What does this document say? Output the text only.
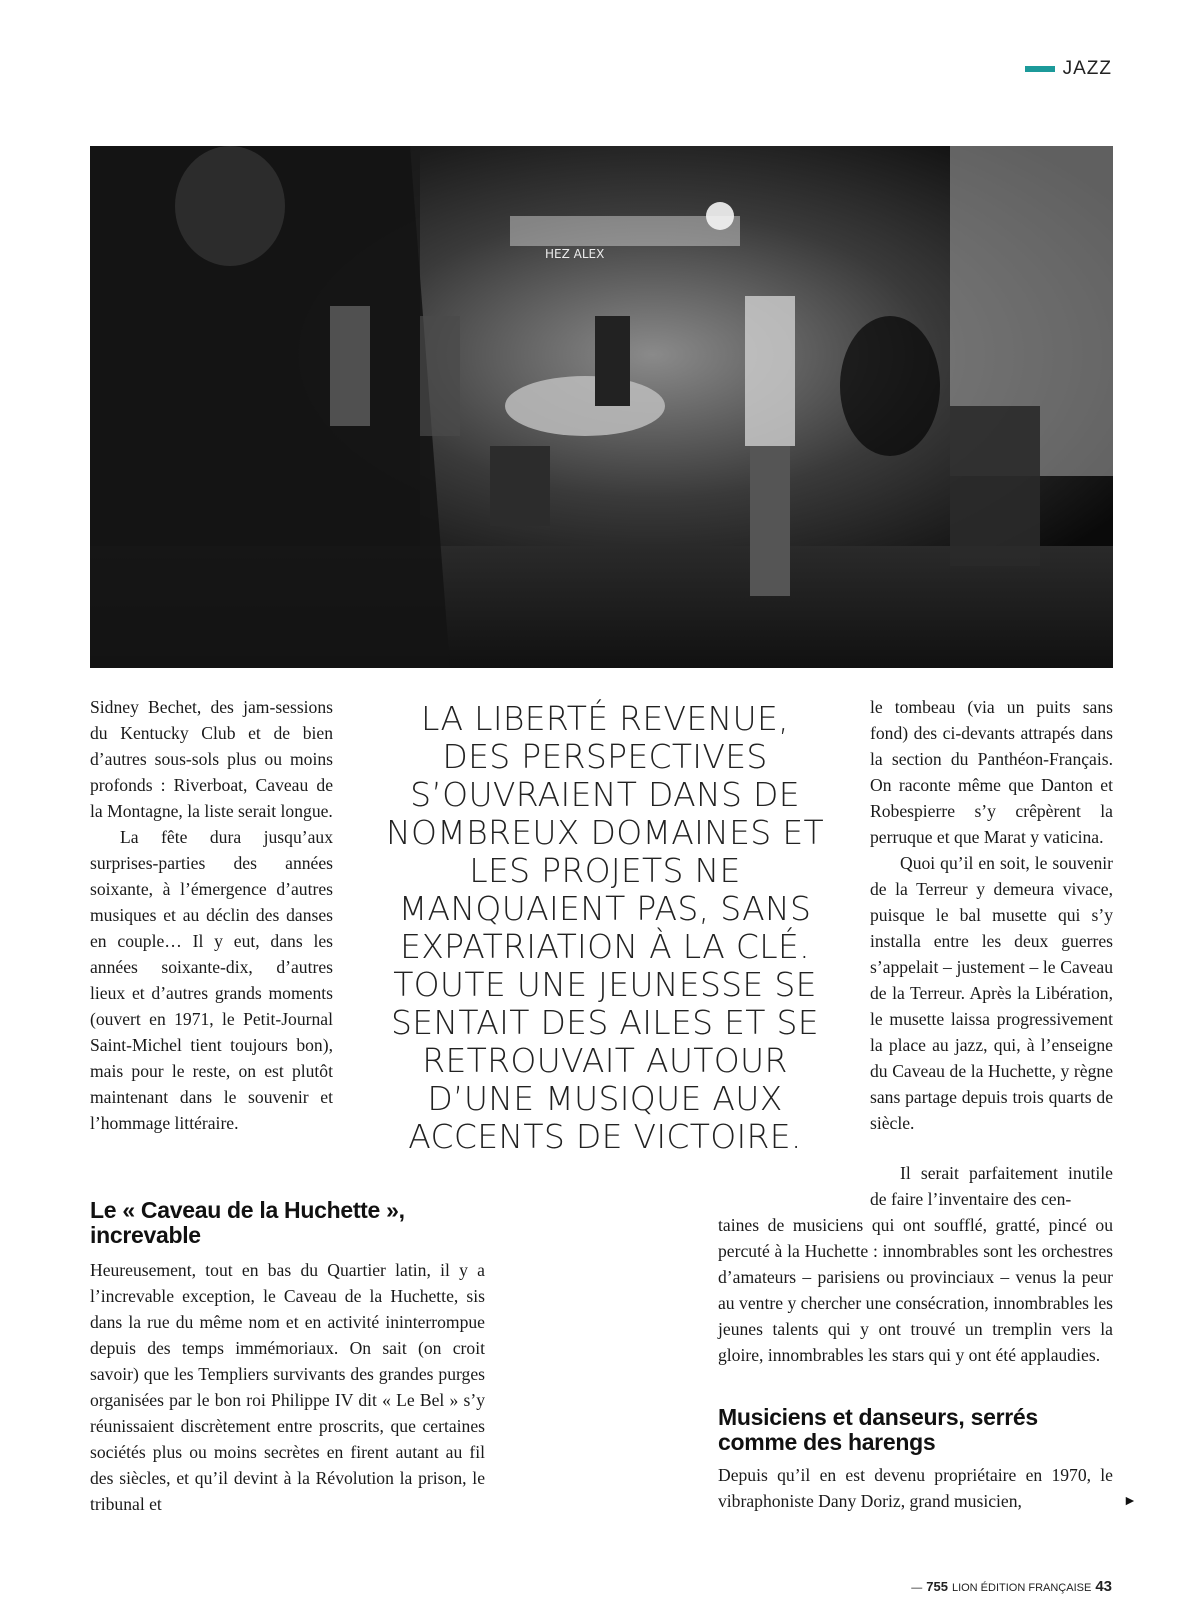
JAZZ
HEZ ALEX

Sidney Bechet, des jam-sessions du Kentucky Club et de bien d’autres sous-sols plus ou moins profonds : Riverboat, Caveau de la Montagne, la liste serait longue.

La fête dura jusqu’aux surprises-parties des années soixante, à l’émergence d’autres musiques et au déclin des danses en couple… Il y eut, dans les années soixante-dix, d’autres lieux et d’autres grands moments (ouvert en 1971, le Petit-Journal Saint-Michel tient toujours bon), mais pour le reste, on est plutôt maintenant dans le souvenir et l’hommage littéraire.

LA LIBERTÉ REVENUE, DES PERSPECTIVES S’OUVRAIENT DANS DE NOMBREUX DOMAINES ET LES PROJETS NE MANQUAIENT PAS, SANS EXPATRIATION À LA CLÉ. TOUTE UNE JEUNESSE SE SENTAIT DES AILES ET SE RETROUVAIT AUTOUR D’UNE MUSIQUE AUX ACCENTS DE VICTOIRE.

le tombeau (via un puits sans fond) des ci-devants attrapés dans la section du Panthéon-Français. On raconte même que Danton et Robespierre s’y crêpèrent la perruque et que Marat y vaticina.

Quoi qu’il en soit, le souvenir de la Terreur y demeura vivace, puisque le bal musette qui s’y installa entre les deux guerres s’appelait – justement – le Caveau de la Terreur. Après la Libération, le musette laissa progressivement la place au jazz, qui, à l’enseigne du Caveau de la Huchette, y règne sans partage depuis trois quarts de siècle.

Il serait parfaitement inutile de faire l’inventaire des cen-
Le « Caveau de la Huchette », increvable
Heureusement, tout en bas du Quartier latin, il y a l’increvable exception, le Caveau de la Huchette, sis dans la rue du même nom et en activité ininterrompue depuis des temps immémoriaux. On sait (on croit savoir) que les Templiers survivants des grandes purges organisées par le bon roi Philippe IV dit « Le Bel » s’y réunissaient discrètement entre proscrits, que certaines sociétés plus ou moins secrètes en firent autant au fil des siècles, et qu’il devint à la Révolution la prison, le tribunal et
taines de musiciens qui ont soufflé, gratté, pincé ou percuté à la Huchette : innombrables sont les orchestres d’amateurs – parisiens ou provinciaux – venus la peur au ventre y chercher une consécration, innombrables les jeunes talents qui y ont trouvé un tremplin vers la gloire, innombrables les stars qui y ont été applaudies.
Musiciens et danseurs, serrés comme des harengs
Depuis qu’il en est devenu propriétaire en 1970, le vibraphoniste Dany Doriz, grand musicien,	►
— 755 LION ÉDITION FRANÇAISE 43
